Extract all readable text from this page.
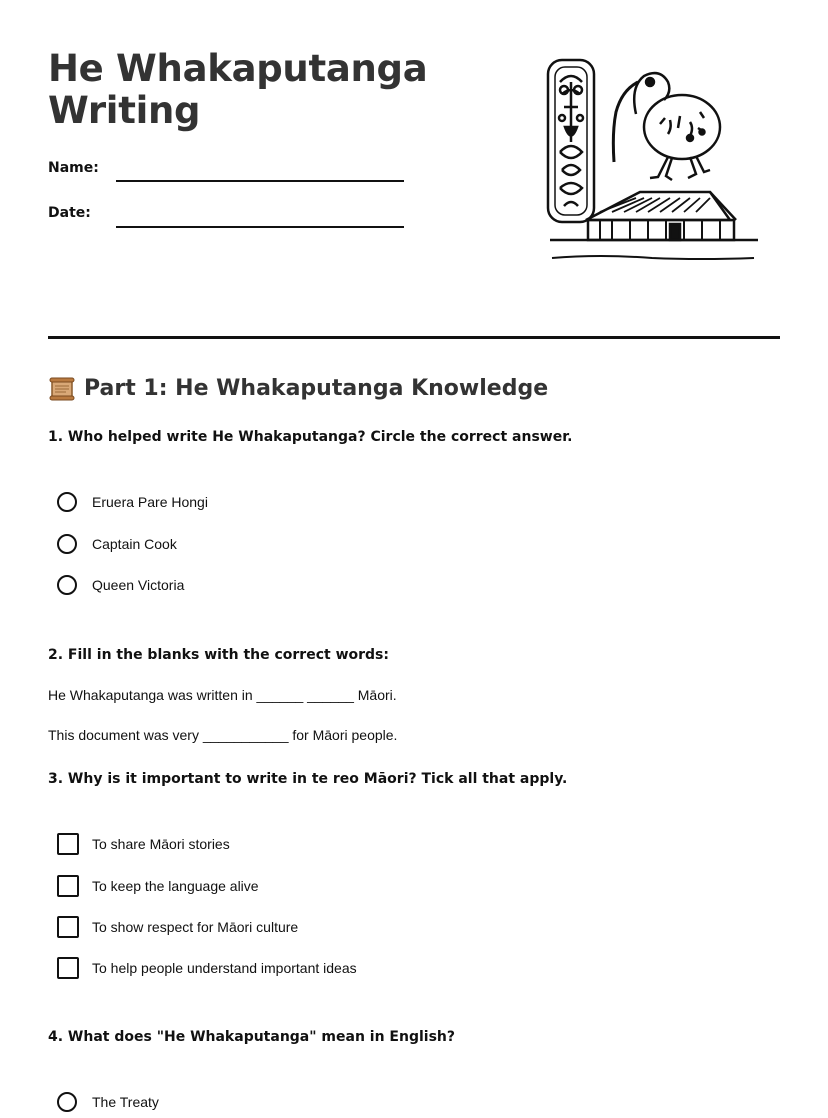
He Whakaputanga
Writing
Name:
Date:
Part 1: He Whakaputanga Knowledge
1. Who helped write He Whakaputanga? Circle the correct answer.
Eruera Pare Hongi
Captain Cook
Queen Victoria
2. Fill in the blanks with the correct words:
He Whakaputanga was written in ______ ______ Māori.
This document was very ___________ for Māori people.
3. Why is it important to write in te reo Māori? Tick all that apply.
To share Māori stories
To keep the language alive
To show respect for Māori culture
To help people understand important ideas
4. What does "He Whakaputanga" mean in English?
The Treaty
